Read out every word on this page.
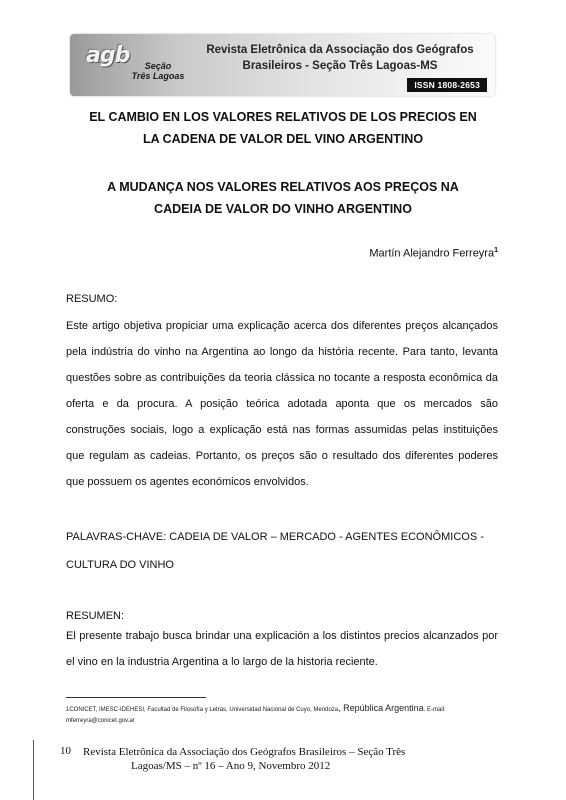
agb	Seção
Três Lagoas
Revista Eletrônica da Associação dos Geógrafos
Brasileiros - Seção Três Lagoas-MS
ISSN 1808-2653
EL CAMBIO EN LOS VALORES RELATIVOS DE LOS PRECIOS EN
LA CADENA DE VALOR DEL VINO ARGENTINO
A MUDANÇA NOS VALORES RELATIVOS AOS PREÇOS NA
CADEIA DE VALOR DO VINHO ARGENTINO
Martín Alejandro Ferreyra$^1$
RESUMO:
Este artigo objetiva propiciar uma explicação acerca dos diferentes preços alcançados pela indústria do vinho na Argentina ao longo da história recente. Para tanto, levanta questões sobre as contribuições da teoria clássica no tocante a resposta econômica da oferta e da procura. A posição teórica adotada aponta que os mercados são construções sociais, logo a explicação está nas formas assumidas pelas instituições que regulam as cadeias. Portanto, os preços são o resultado dos diferentes poderes que possuem os agentes económicos envolvidos.
PALAVRAS-CHAVE: CADEIA DE VALOR – MERCADO - AGENTES ECONÔMICOS - CULTURA DO VINHO
RESUMEN:
El presente trabajo busca brindar una explicación a los distintos precios alcanzados por el vino en la industria Argentina a lo largo de la historia reciente.
1CONICET, IMESC-IDEHESI, Facultad de Filosofía y Letras, Universidad Nacional de Cuyo, Mendoza, República Argentina. E-mail:
mferreyra@conicet.gov.ar
10 Revista Eletrônica da Associação dos Geógrafos Brasileiros – Seção Três
Lagoas/MS – nº 16 – Ano 9, Novembro 2012
